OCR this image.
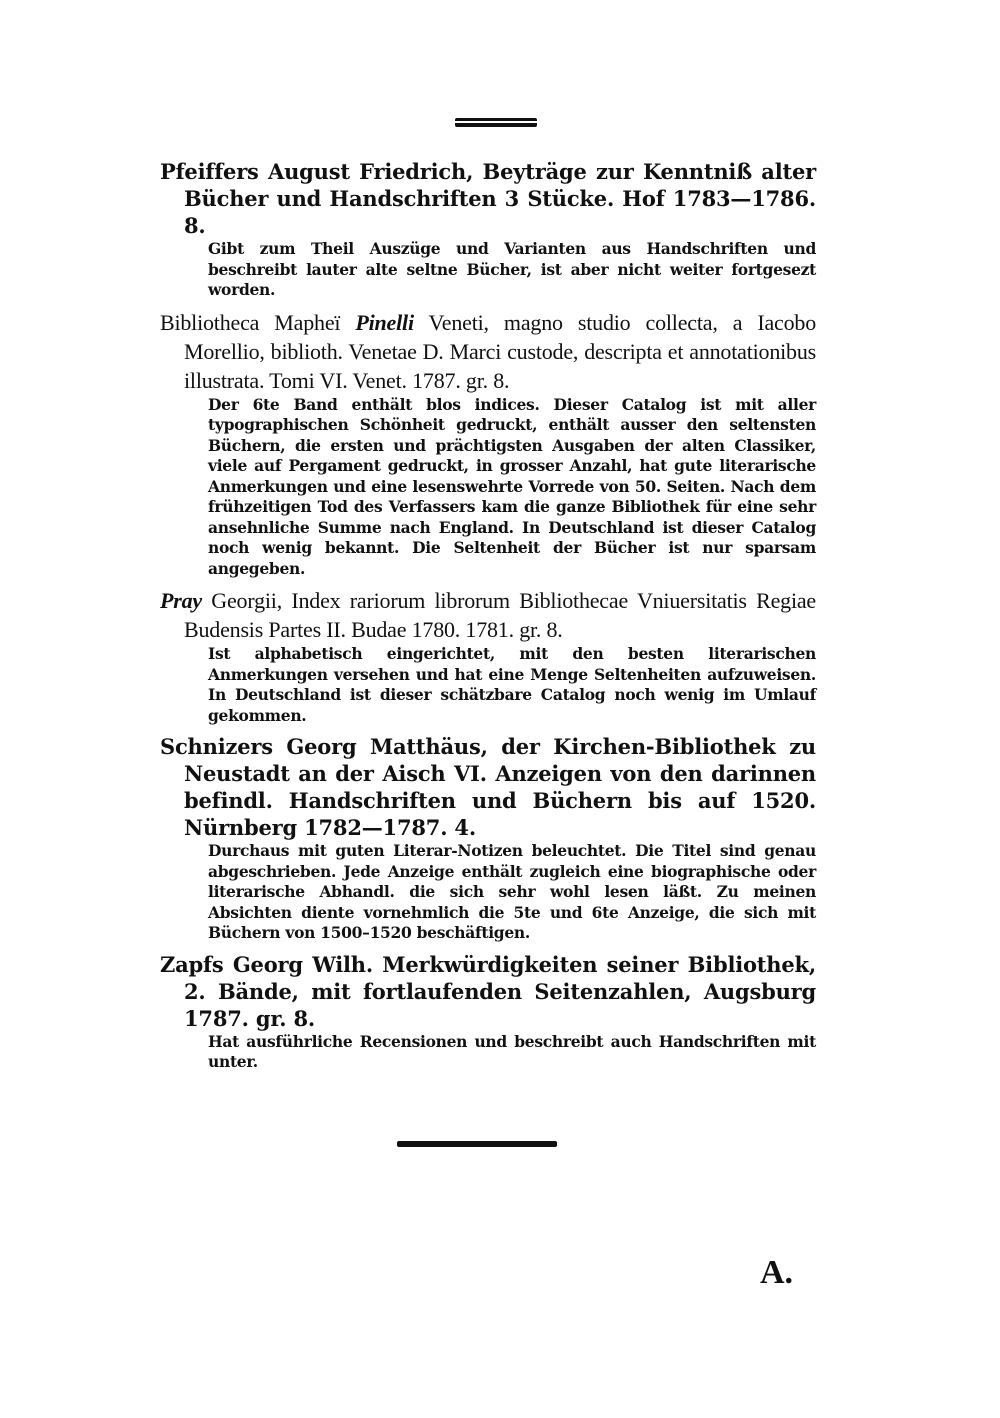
Pfeiffers August Friedrich, Beyträge zur Kenntniß alter Bücher und Handschriften 3 Stücke. Hof 1783—1786. 8.
Gibt zum Theil Auszüge und Varianten aus Handschriften und beschreibt lauter alte seltne Bücher, ist aber nicht weiter fortgesezt worden.
Bibliotheca Mapheï Pinelli Veneti, magno studio collecta, a Iacobo Morellio, biblioth. Venetae D. Marci custode, descripta et annotationibus illustrata. Tomi VI. Venet. 1787. gr. 8.
Der 6te Band enthält blos indices. Dieser Catalog ist mit aller typographischen Schönheit gedruckt, enthält ausser den seltensten Büchern, die ersten und prächtigsten Ausgaben der alten Classiker, viele auf Pergament gedruckt, in grosser Anzahl, hat gute literarische Anmerkungen und eine lesenswehrte Vorrede von 50. Seiten. Nach dem frühzeitigen Tod des Verfassers kam die ganze Bibliothek für eine sehr ansehnliche Summe nach England. In Deutschland ist dieser Catalog noch wenig bekannt. Die Seltenheit der Bücher ist nur sparsam angegeben.
Pray Georgii, Index rariorum librorum Bibliothecae Vniuersitatis Regiae Budensis Partes II. Budae 1780. 1781. gr. 8.
Ist alphabetisch eingerichtet, mit den besten literarischen Anmerkungen versehen und hat eine Menge Seltenheiten aufzuweisen. In Deutschland ist dieser schätzbare Catalog noch wenig im Umlauf gekommen.
Schnizers Georg Matthäus, der Kirchen-Bibliothek zu Neustadt an der Aisch VI. Anzeigen von den darinnen befindl. Handschriften und Büchern bis auf 1520. Nürnberg 1782—1787. 4.
Durchaus mit guten Literar-Notizen beleuchtet. Die Titel sind genau abgeschrieben. Jede Anzeige enthält zugleich eine biographische oder literarische Abhandl. die sich sehr wohl lesen läßt. Zu meinen Absichten diente vornehmlich die 5te und 6te Anzeige, die sich mit Büchern von 1500–1520 beschäftigen.
Zapfs Georg Wilh. Merkwürdigkeiten seiner Bibliothek, 2. Bände, mit fortlaufenden Seitenzahlen, Augsburg 1787. gr. 8.
Hat ausführliche Recensionen und beschreibt auch Handschriften mit unter.
A.
